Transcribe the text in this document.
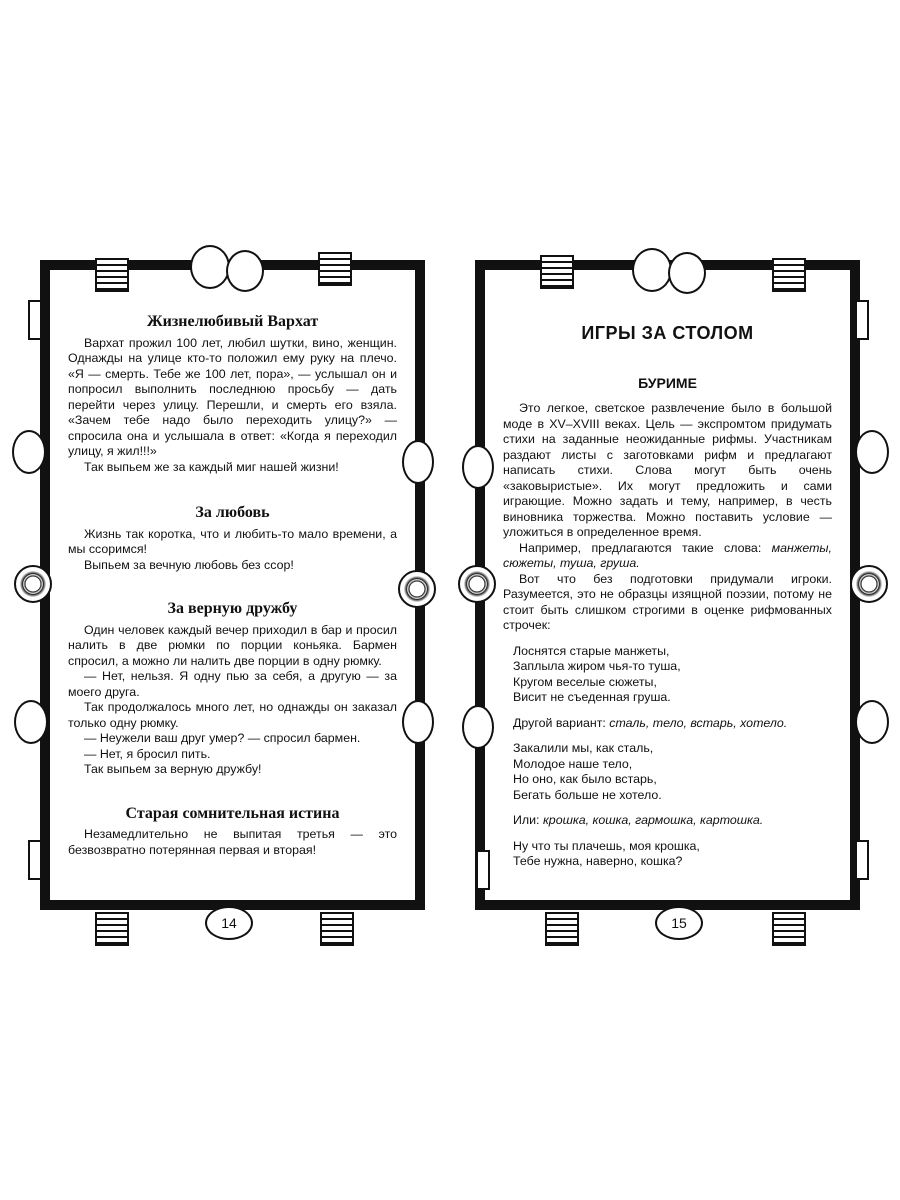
Жизнелюбивый Вархат

Вархат прожил 100 лет, любил шутки, вино, женщин. Однажды на улице кто-то положил ему руку на плечо. «Я — смерть. Тебе же 100 лет, пора», — услышал он и попросил выполнить последнюю просьбу — дать перейти через улицу. Перешли, и смерть его взяла. «Зачем тебе надо было переходить улицу?» — спросила она и услышала в ответ: «Когда я переходил улицу, я жил!!!»

Так выпьем же за каждый миг нашей жизни!

За любовь

Жизнь так коротка, что и любить-то мало времени, а мы ссоримся!

Выпьем за вечную любовь без ссор!

За верную дружбу

Один человек каждый вечер приходил в бар и просил налить в две рюмки по порции коньяка. Бармен спросил, а можно ли налить две порции в одну рюмку.

— Нет, нельзя. Я одну пью за себя, а другую — за моего друга.

Так продолжалось много лет, но однажды он заказал только одну рюмку.

— Неужели ваш друг умер? — спросил бармен.

— Нет, я бросил пить.

Так выпьем за верную дружбу!

Старая сомнительная истина

Незамедлительно не выпитая третья — это безвозвратно потерянная первая и вторая!

14
ИГРЫ ЗА СТОЛОМ
БУРИМЕ

Это легкое, светское развлечение было в большой моде в XV–XVIII веках. Цель — экспромтом придумать стихи на заданные неожиданные рифмы. Участникам раздают листы с заготовками рифм и предлагают написать стихи. Слова могут быть очень «заковыристые». Их могут предложить и сами играющие. Можно задать и тему, например, в честь виновника торжества. Можно поставить условие — уложиться в определенное время.

Например, предлагаются такие слова: манжеты, сюжеты, туша, груша.

Вот что без подготовки придумали игроки. Разумеется, это не образцы изящной поэзии, потому не стоит быть слишком строгими в оценке рифмованных строчек:

Лоснятся старые манжеты,
Заплыла жиром чья-то туша,
Кругом веселые сюжеты,
Висит не съеденная груша.
Другой вариант: сталь, тело, встарь, хотело.
Закалили мы, как сталь,
Молодое наше тело,
Но оно, как было встарь,
Бегать больше не хотело.
Или: крошка, кошка, гармошка, картошка.
Ну что ты плачешь, моя крошка,
Тебе нужна, наверно, кошка?
15
